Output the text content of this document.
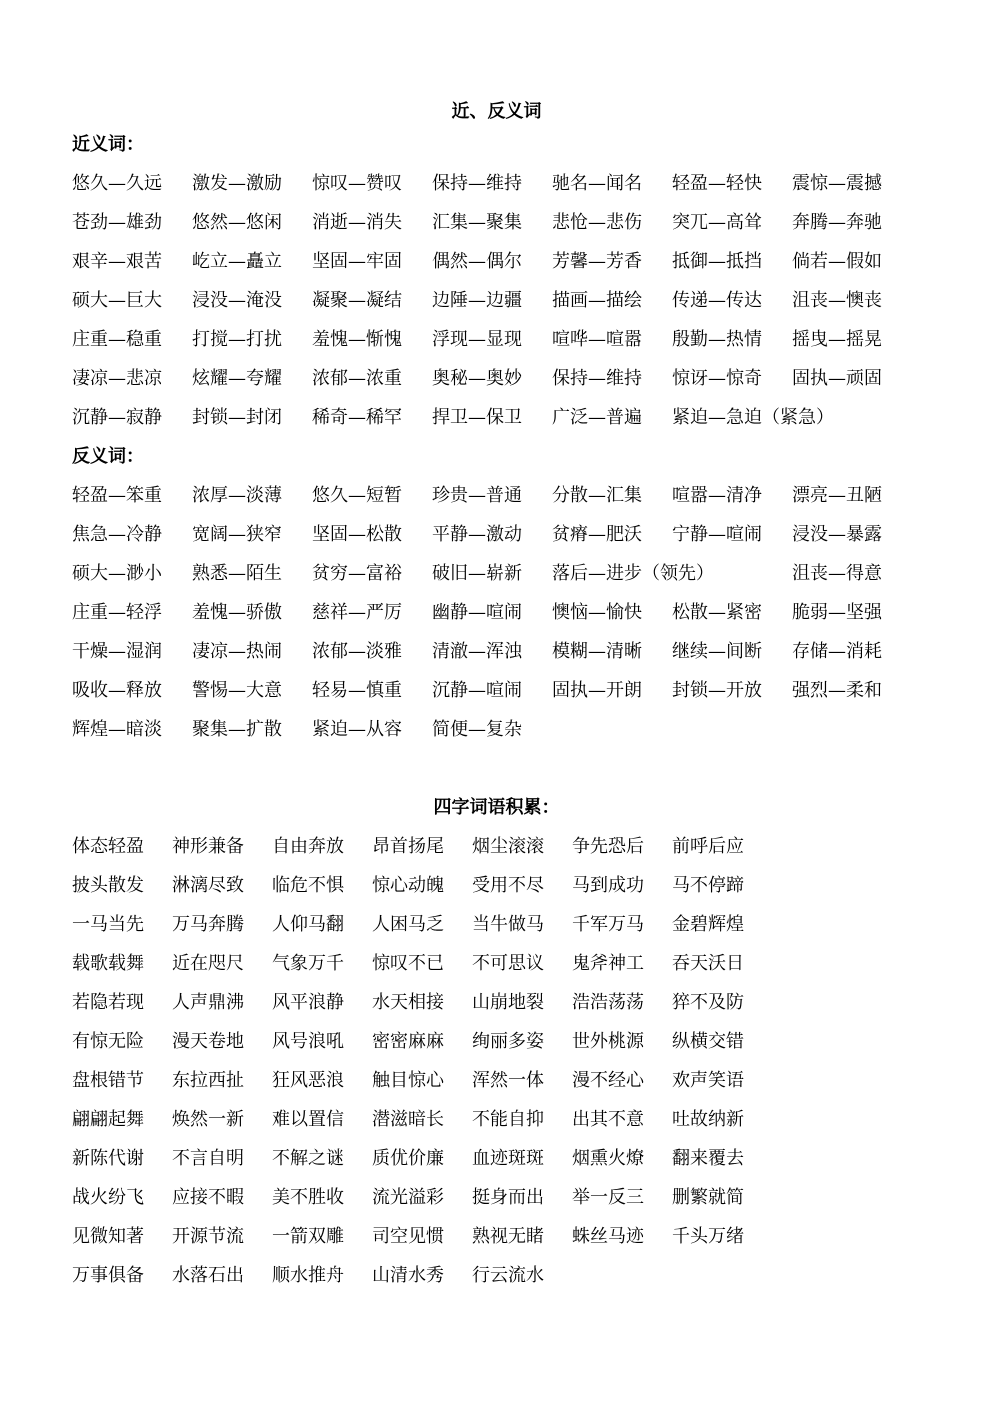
近、反义词
近义词：
悠久—久远 激发—激励 惊叹—赞叹 保持—维持 驰名—闻名 轻盈—轻快 震惊—震撼
苍劲—雄劲 悠然—悠闲 消逝—消失 汇集—聚集 悲怆—悲伤 突兀—高耸 奔腾—奔驰
艰辛—艰苦 屹立—矗立 坚固—牢固 偶然—偶尔 芳馨—芳香 抵御—抵挡 倘若—假如
硕大—巨大 浸没—淹没 凝聚—凝结 边陲—边疆 描画—描绘 传递—传达 沮丧—懊丧
庄重—稳重 打搅—打扰 羞愧—惭愧 浮现—显现 喧哗—喧嚣 殷勤—热情 摇曳—摇晃
凄凉—悲凉 炫耀—夸耀 浓郁—浓重 奥秘—奥妙 保持—维持 惊讶—惊奇 固执—顽固
沉静—寂静 封锁—封闭 稀奇—稀罕 捍卫—保卫 广泛—普遍 紧迫—急迫（紧急）
反义词：
轻盈—笨重 浓厚—淡薄 悠久—短暂 珍贵—普通 分散—汇集 喧嚣—清净 漂亮—丑陋
焦急—冷静 宽阔—狭窄 坚固—松散 平静—激动 贫瘠—肥沃 宁静—喧闹 浸没—暴露
硕大—渺小 熟悉—陌生 贫穷—富裕 破旧—崭新 落后—进步（领先）	沮丧—得意
庄重—轻浮 羞愧—骄傲 慈祥—严厉 幽静—喧闹 懊恼—愉快 松散—紧密 脆弱—坚强
干燥—湿润 凄凉—热闹 浓郁—淡雅 清澈—浑浊 模糊—清晰 继续—间断 存储—消耗
吸收—释放 警惕—大意 轻易—慎重 沉静—喧闹 固执—开朗 封锁—开放 强烈—柔和
辉煌—暗淡 聚集—扩散 紧迫—从容 简便—复杂
四字词语积累：
体态轻盈 神形兼备 自由奔放 昂首扬尾 烟尘滚滚 争先恐后 前呼后应
披头散发 淋漓尽致 临危不惧 惊心动魄 受用不尽 马到成功 马不停蹄
一马当先 万马奔腾 人仰马翻 人困马乏 当牛做马 千军万马 金碧辉煌
载歌载舞 近在咫尺 气象万千 惊叹不已 不可思议 鬼斧神工 吞天沃日
若隐若现 人声鼎沸 风平浪静 水天相接 山崩地裂 浩浩荡荡 猝不及防
有惊无险 漫天卷地 风号浪吼 密密麻麻 绚丽多姿 世外桃源 纵横交错
盘根错节 东拉西扯 狂风恶浪 触目惊心 浑然一体 漫不经心 欢声笑语
翩翩起舞 焕然一新 难以置信 潜滋暗长 不能自抑 出其不意 吐故纳新
新陈代谢 不言自明 不解之谜 质优价廉 血迹斑斑 烟熏火燎 翻来覆去
战火纷飞 应接不暇 美不胜收 流光溢彩 挺身而出 举一反三 删繁就简
见微知著 开源节流 一箭双雕 司空见惯 熟视无睹 蛛丝马迹 千头万绪
万事俱备 水落石出 顺水推舟 山清水秀 行云流水
